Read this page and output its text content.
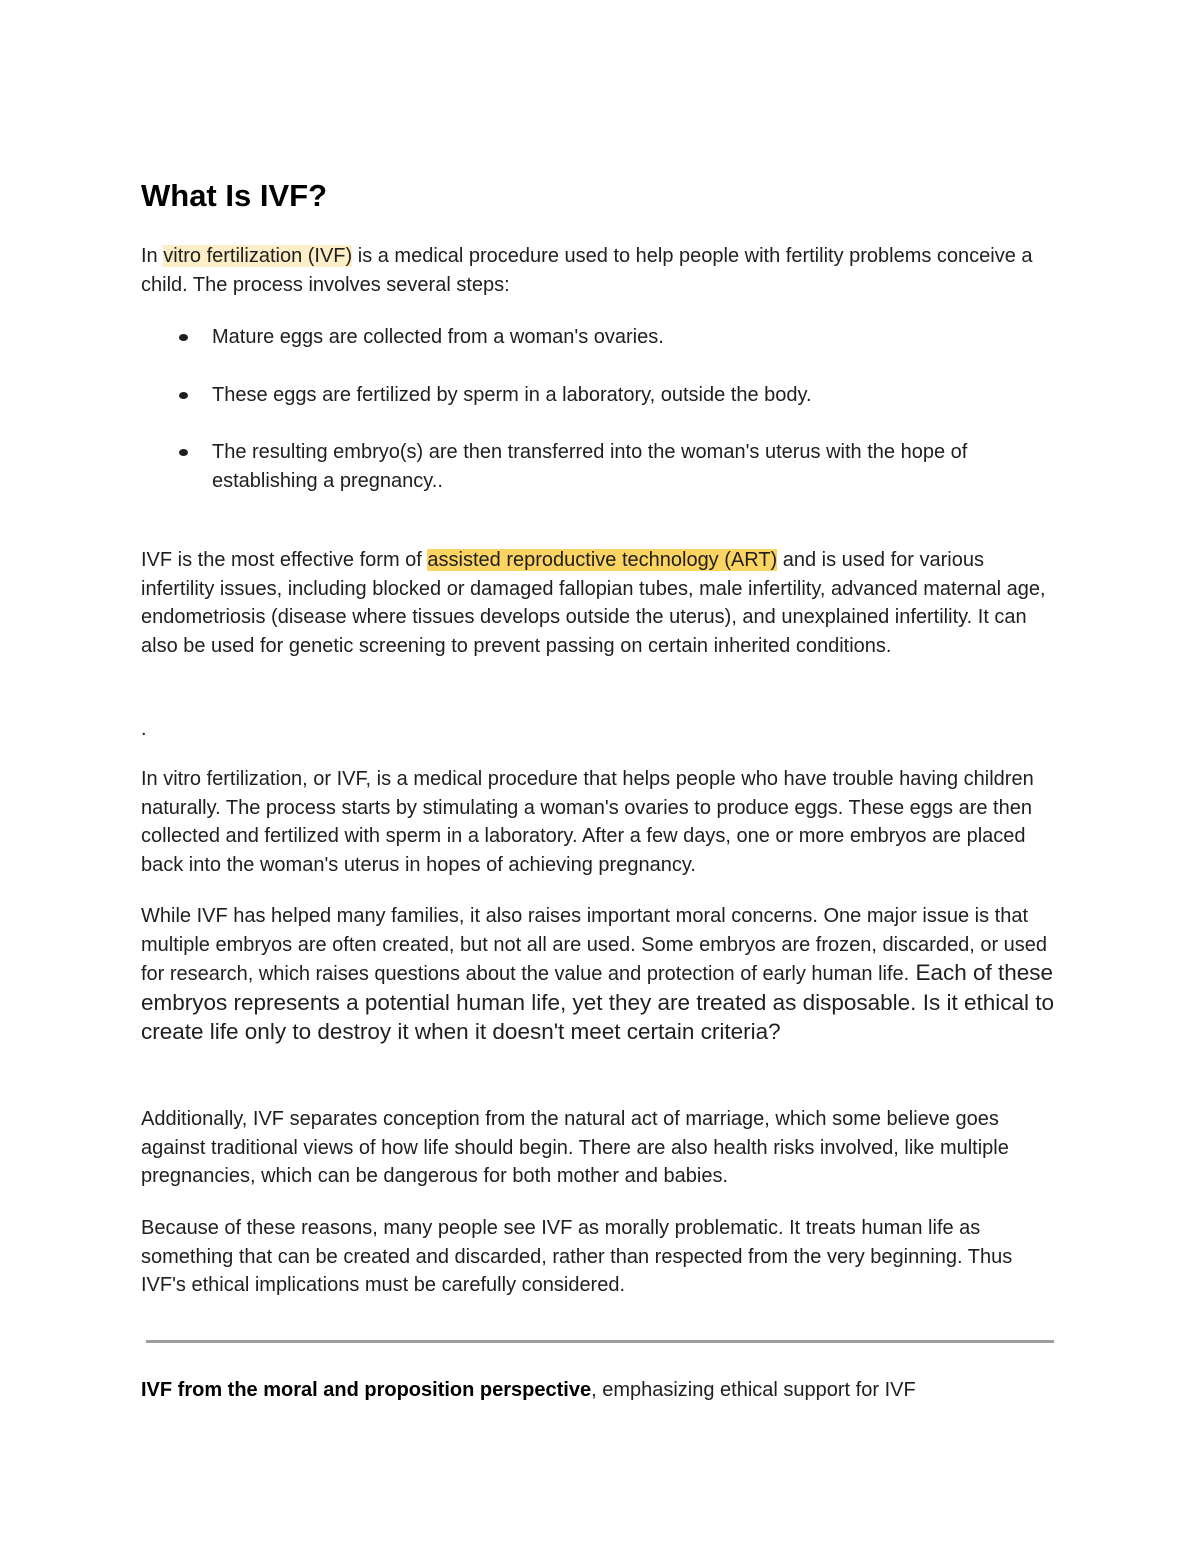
What Is IVF?

In vitro fertilization (IVF) is a medical procedure used to help people with fertility problems conceive a child. The process involves several steps:

Mature eggs are collected from a woman's ovaries.
These eggs are fertilized by sperm in a laboratory, outside the body.
The resulting embryo(s) are then transferred into the woman's uterus with the hope of establishing a pregnancy..

IVF is the most effective form of assisted reproductive technology (ART) and is used for various infertility issues, including blocked or damaged fallopian tubes, male infertility, advanced maternal age, endometriosis (disease where tissues develops outside the uterus), and unexplained infertility. It can also be used for genetic screening to prevent passing on certain inherited conditions.

.

In vitro fertilization, or IVF, is a medical procedure that helps people who have trouble having children naturally. The process starts by stimulating a woman's ovaries to produce eggs. These eggs are then collected and fertilized with sperm in a laboratory. After a few days, one or more embryos are placed back into the woman's uterus in hopes of achieving pregnancy.

While IVF has helped many families, it also raises important moral concerns. One major issue is that multiple embryos are often created, but not all are used. Some embryos are frozen, discarded, or used for research, which raises questions about the value and protection of early human life. Each of these embryos represents a potential human life, yet they are treated as disposable. Is it ethical to create life only to destroy it when it doesn't meet certain criteria?

Additionally, IVF separates conception from the natural act of marriage, which some believe goes against traditional views of how life should begin. There are also health risks involved, like multiple pregnancies, which can be dangerous for both mother and babies.

Because of these reasons, many people see IVF as morally problematic. It treats human life as something that can be created and discarded, rather than respected from the very beginning. Thus IVF's ethical implications must be carefully considered.

IVF from the moral and proposition perspective, emphasizing ethical support for IVF
